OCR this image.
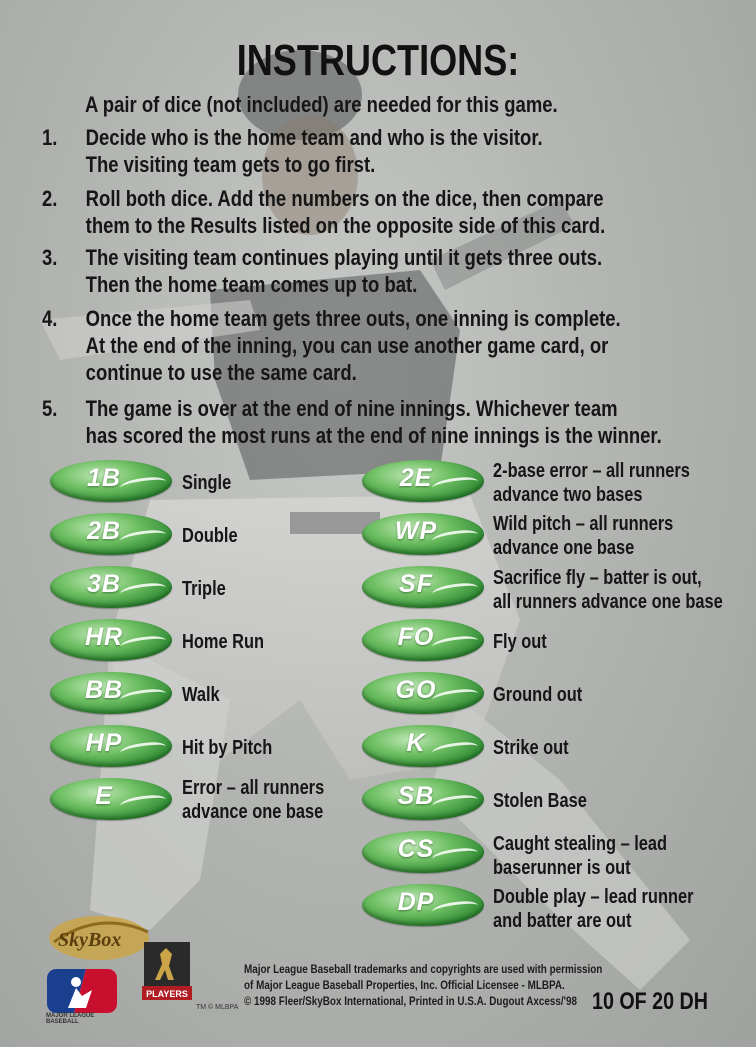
INSTRUCTIONS:
A pair of dice (not included) are needed for this game.
1. Decide who is the home team and who is the visitor.
The visiting team gets to go first.
2. Roll both dice. Add the numbers on the dice, then compare
them to the Results listed on the opposite side of this card.
3. The visiting team continues playing until it gets three outs.
Then the home team comes up to bat.
4. Once the home team gets three outs, one inning is complete.
At the end of the inning, you can use another game card, or
continue to use the same card.
5. The game is over at the end of nine innings. Whichever team
has scored the most runs at the end of nine innings is the winner.
1B	Single
2B	Double
3B	Triple
HR	Home Run
BB	Walk
HP	Hit by Pitch
E	Error – all runners
advance one base
2E	2-base error – all runners
advance two bases
WP	Wild pitch – all runners
advance one base
SF	Sacrifice fly – batter is out,
all runners advance one base
FO	Fly out
GO	Ground out
K	Strike out
SB	Stolen Base
CS	Caught stealing – lead
baserunner is out
DP	Double play – lead runner
and batter are out
SkyBox
MAJOR LEAGUE BASEBALL
PLAYERS
TM © MLBPA
Major League Baseball trademarks and copyrights are used with permission
of Major League Baseball Properties, Inc. Official Licensee - MLBPA.
© 1998 Fleer/SkyBox International, Printed in U.S.A. Dugout Axcess/'98 10 OF 20 DH
